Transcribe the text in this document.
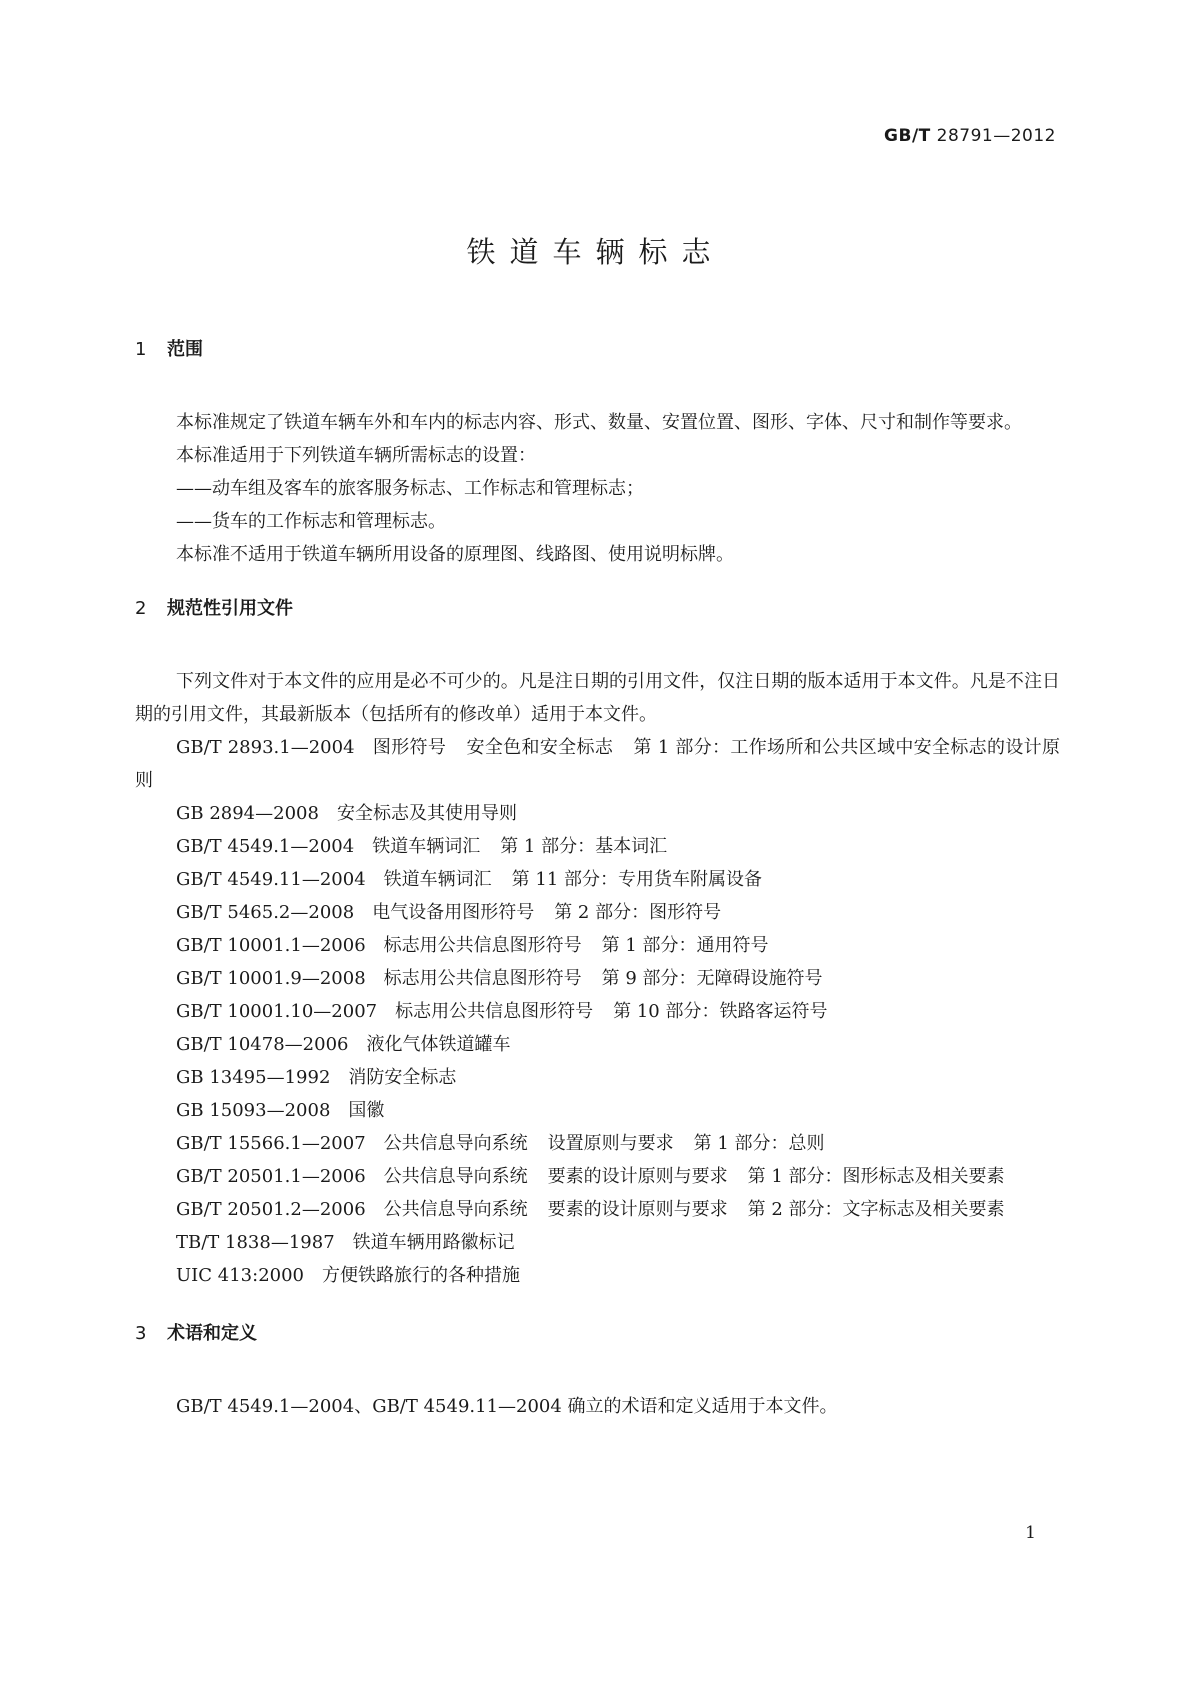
GB/T 28791—2012
铁道车辆标志
1 范围

本标准规定了铁道车辆车外和车内的标志内容、形式、数量、安置位置、图形、字体、尺寸和制作等要求。

本标准适用于下列铁道车辆所需标志的设置：

——动车组及客车的旅客服务标志、工作标志和管理标志；

——货车的工作标志和管理标志。

本标准不适用于铁道车辆所用设备的原理图、线路图、使用说明标牌。

2 规范性引用文件

下列文件对于本文件的应用是必不可少的。凡是注日期的引用文件，仅注日期的版本适用于本文件。凡是不注日期的引用文件，其最新版本（包括所有的修改单）适用于本文件。

GB/T 2893.1—2004 图形符号 安全色和安全标志 第 1 部分：工作场所和公共区域中安全标志的设计原则

GB 2894—2008 安全标志及其使用导则

GB/T 4549.1—2004 铁道车辆词汇 第 1 部分：基本词汇

GB/T 4549.11—2004 铁道车辆词汇 第 11 部分：专用货车附属设备

GB/T 5465.2—2008 电气设备用图形符号 第 2 部分：图形符号

GB/T 10001.1—2006 标志用公共信息图形符号 第 1 部分：通用符号

GB/T 10001.9—2008 标志用公共信息图形符号 第 9 部分：无障碍设施符号

GB/T 10001.10—2007 标志用公共信息图形符号 第 10 部分：铁路客运符号

GB/T 10478—2006 液化气体铁道罐车

GB 13495—1992 消防安全标志

GB 15093—2008 国徽

GB/T 15566.1—2007 公共信息导向系统 设置原则与要求 第 1 部分：总则

GB/T 20501.1—2006 公共信息导向系统 要素的设计原则与要求 第 1 部分：图形标志及相关要素

GB/T 20501.2—2006 公共信息导向系统 要素的设计原则与要求 第 2 部分：文字标志及相关要素

TB/T 1838—1987 铁道车辆用路徽标记

UIC 413:2000 方便铁路旅行的各种措施

3 术语和定义

GB/T 4549.1—2004、GB/T 4549.11—2004 确立的术语和定义适用于本文件。

1
